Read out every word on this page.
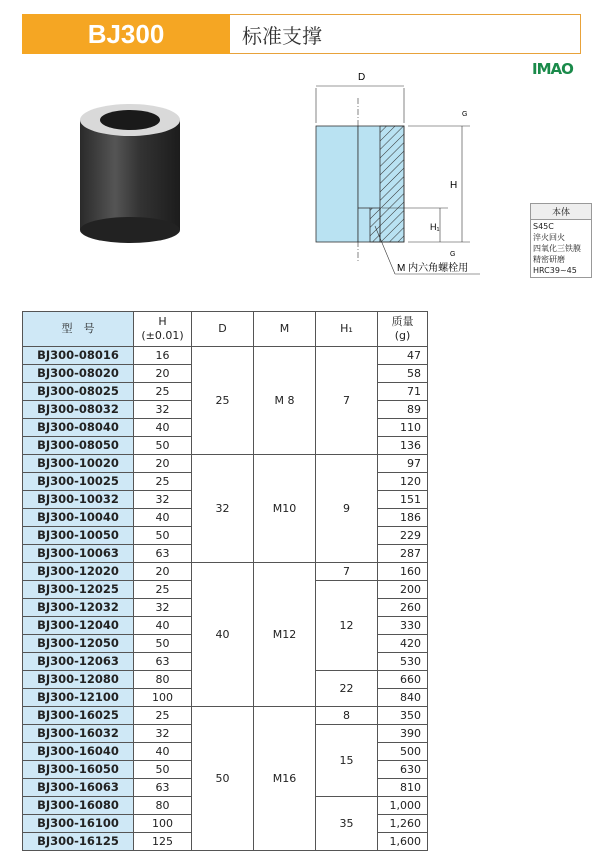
BJ300	标准支撑
IMAO
D
H
H₁
G
G
M 内六角螺栓用
本体
S45C
淬火回火
四氧化三铁膜
精密研磨
HRC39~45
型　号	H
(±0.01)	D	M	H₁	质量
(g)
BJ300-08016	16	25	M 8	7	47
BJ300-08020	20				58
BJ300-08025	25				71
BJ300-08032	32				89
BJ300-08040	40				110
BJ300-08050	50				136
BJ300-10020	20	32	M10	9	97
BJ300-10025	25				120
BJ300-10032	32				151
BJ300-10040	40				186
BJ300-10050	50				229
BJ300-10063	63				287
BJ300-12020	20	40	M12	7	160
BJ300-12025	25			12	200
BJ300-12032	32				260
BJ300-12040	40				330
BJ300-12050	50				420
BJ300-12063	63				530
BJ300-12080	80			22	660
BJ300-12100	100				840
BJ300-16025	25	50	M16	8	350
BJ300-16032	32			15	390
BJ300-16040	40				500
BJ300-16050	50				630
BJ300-16063	63				810
BJ300-16080	80			35	1,000
BJ300-16100	100				1,260
BJ300-16125	125				1,600
